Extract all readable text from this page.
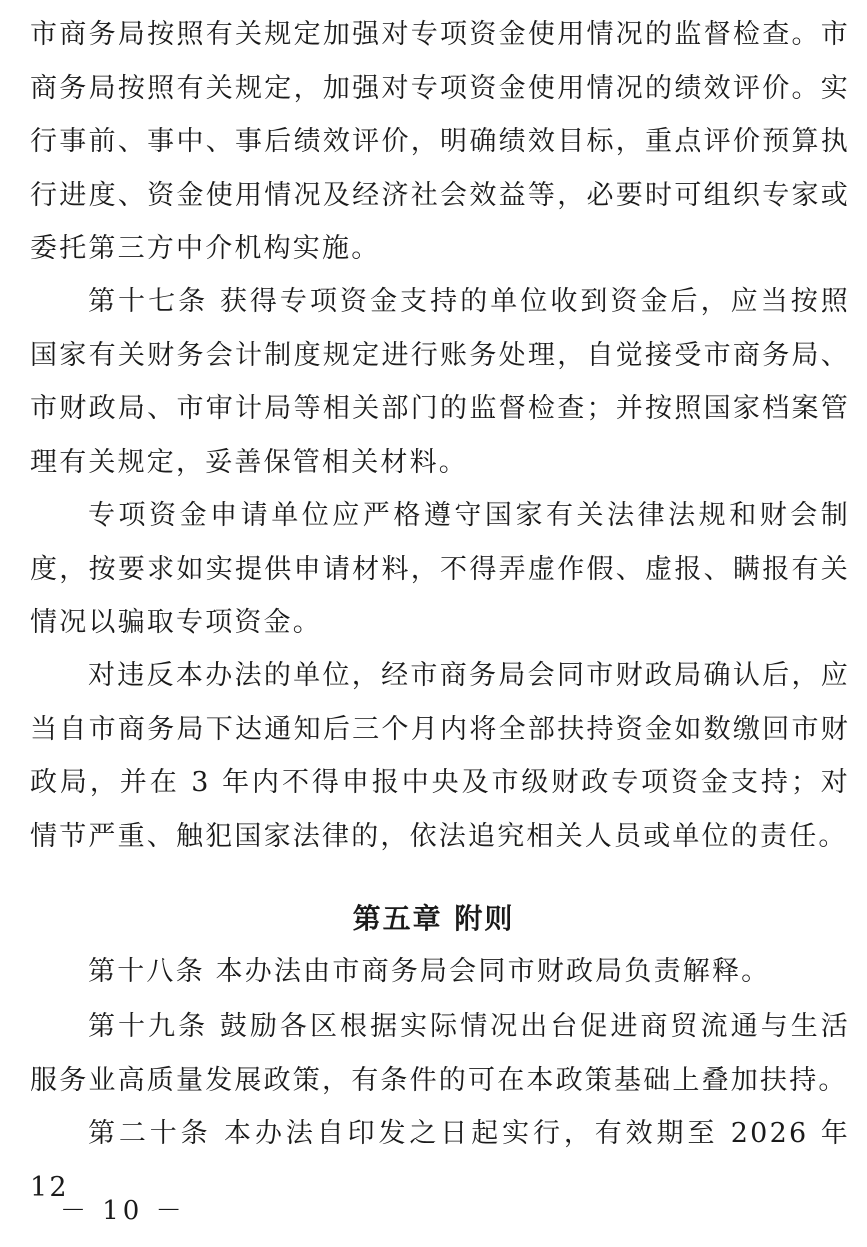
市商务局按照有关规定加强对专项资金使用情况的监督检查。市商务局按照有关规定，加强对专项资金使用情况的绩效评价。实行事前、事中、事后绩效评价，明确绩效目标，重点评价预算执行进度、资金使用情况及经济社会效益等，必要时可组织专家或委托第三方中介机构实施。

第十七条 获得专项资金支持的单位收到资金后，应当按照国家有关财务会计制度规定进行账务处理，自觉接受市商务局、市财政局、市审计局等相关部门的监督检查；并按照国家档案管理有关规定，妥善保管相关材料。

专项资金申请单位应严格遵守国家有关法律法规和财会制度，按要求如实提供申请材料，不得弄虚作假、虚报、瞒报有关情况以骗取专项资金。

对违反本办法的单位，经市商务局会同市财政局确认后，应当自市商务局下达通知后三个月内将全部扶持资金如数缴回市财政局，并在 3 年内不得申报中央及市级财政专项资金支持；对情节严重、触犯国家法律的，依法追究相关人员或单位的责任。

第五章 附则

第十八条 本办法由市商务局会同市财政局负责解释。

第十九条 鼓励各区根据实际情况出台促进商贸流通与生活服务业高质量发展政策，有条件的可在本政策基础上叠加扶持。

第二十条 本办法自印发之日起实行，有效期至 2026 年 12

－ 10 －
